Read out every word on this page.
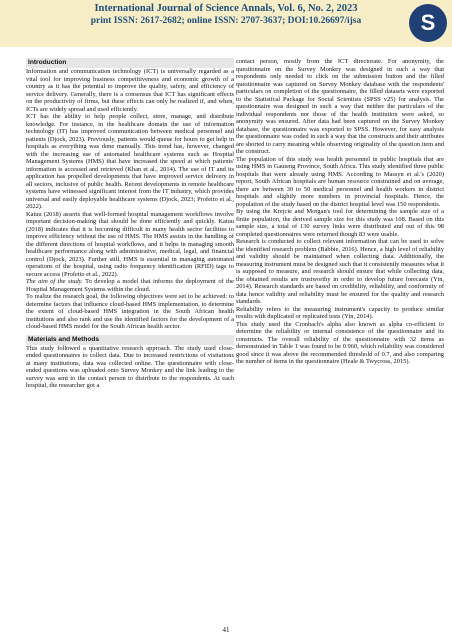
International Journal of Science Annals, Vol. 6, No. 2, 2023
print ISSN: 2617-2682; online ISSN: 2707-3637; DOI:10.26697/ijsa	S
Introduction

Information and communication technology (ICT) is universally regarded as a vital tool for improving business competitiveness and economic growth of a country as it has the potential to improve the quality, safety, and efficiency of service delivery. Generally, there is a consensus that ICT has significant effects on the productivity of firms, but these effects can only be realized if, and when, ICTs are widely spread and used efficiently.

ICT has the ability to help people collect, store, manage, and distribute knowledge. For instance, in the healthcare domain the use of information technology (IT) has improved communication between medical personnel and patients (Djock, 2023). Previously, patients would queue for hours to get help in hospitals as everything was done manually. This trend has, however, changed with the increasing use of automated healthcare systems such as Hospital Management Systems (HMS) that have increased the speed at which patients' information is accessed and retrieved (Khan et al., 2014). The use of IT and its application has propelled developments that have improved service delivery in all sectors, inclusive of public health. Recent developments in remote healthcare systems have witnessed significant interest from the IT industry, which provides universal and easily deployable healthcare systems (Djock, 2023; Profetto et al., 2022).

Katuu (2018) asserts that well-formed hospital management workflows involve important decision-making that should be done efficiently and quickly. Katuu (2018) indicates that it is becoming difficult in many health sector facilities to improve efficiency without the use of HMS. The HMS assists in the handling of the different directions of hospital workflows, and it helps in managing smooth healthcare performance along with administrative, medical, legal, and financial control (Djock, 2023). Further still, HMS is essential in managing automated operations of the hospital, using radio frequency identification (RFID) tags to secure access (Profetto et al., 2022).

The aim of the study. To develop a model that informs the deployment of the Hospital Management Systems within the cloud.

To realize the research goal, the following objectives were set to be achieved: to determine factors that influence cloud-based HMS implementation, to determine the extent of cloud-based HMS integration in the South African health institutions and also rank and use the identified factors for the development of a cloud-based HMS model for the South African health sector.

Materials and Methods

This study followed a quantitative research approach. The study used close-ended questionnaires to collect data. Due to increased restrictions of visitations at many institutions, data was collected online. The questionnaire with close-ended questions was uploaded onto Survey Monkey and the link leading to the survey was sent to the contact person to distribute to the respondents. At each hospital, the researcher got a

contact person, mostly from the ICT directorate. For anonymity, the questionnaire on the Survey Monkey was designed in such a way that respondents only needed to click on the submission button and the filled questionnaire was captured on Survey Monkey database with the respondents' particulars on completion of the questionnaire, the filled datasets were exported to the Statistical Package for Social Scientists (SPSS v25) for analysis. The questionnaire was designed in such a way that neither the particulars of the individual respondents nor those of the health institution were asked, so anonymity was ensured. After data had been captured on the Survey Monkey database, the questionnaire was exported to SPSS. However, for easy analysis the questionnaire was coded in such a way that the constructs and their attributes are shorted to carry meaning while observing originality of the question item and the construct.

The population of this study was health personnel in public hospitals that are using HMS in Gauteng Province, South Africa. This study identified three public hospitals that were already using HMS. According to Massyn et al.'s (2020) report, South African hospitals are human resource constrained and on average, there are between 30 to 50 medical personnel and health workers in district hospitals and slightly more numbers in provincial hospitals. Hence, the population of the study based on the district hospital level was 150 respondents.

By using the Krejcie and Morgan's tool for determining the sample size of a finite population, the derived sample size for this study was 108. Based on this sample size, a total of 130 survey links were distributed and out of this 98 completed questionnaires were returned though 83 were usable.

Research is conducted to collect relevant information that can be used to solve the identified research problem (Babbie, 2016). Hence, a high level of reliability and validity should be maintained when collecting data. Additionally, the measuring instrument must be designed such that it consistently measures what it is supposed to measure, and research should ensure that while collecting data, the obtained results are trustworthy in order to develop future forecasts (Yin, 2014). Research standards are based on credibility, reliability, and conformity of data hence validity and reliability must be ensured for the quality and research standards.

Reliability refers to the measuring instrument's capacity to produce similar results with duplicated or replicated tests (Yin, 2014).

This study used the Cronbach's alpha also known as alpha co-efficient to determine the reliability or internal consistence of the questionnaire and its constructs. The overall reliability of the questionnaire with 32 items as demonstrated in Table 1 was found to be 0.960, which reliability was considered good since it was above the recommended threshold of 0.7, and also comparing the number of items in the questionnaire (Heale & Twycross, 2015).

41
